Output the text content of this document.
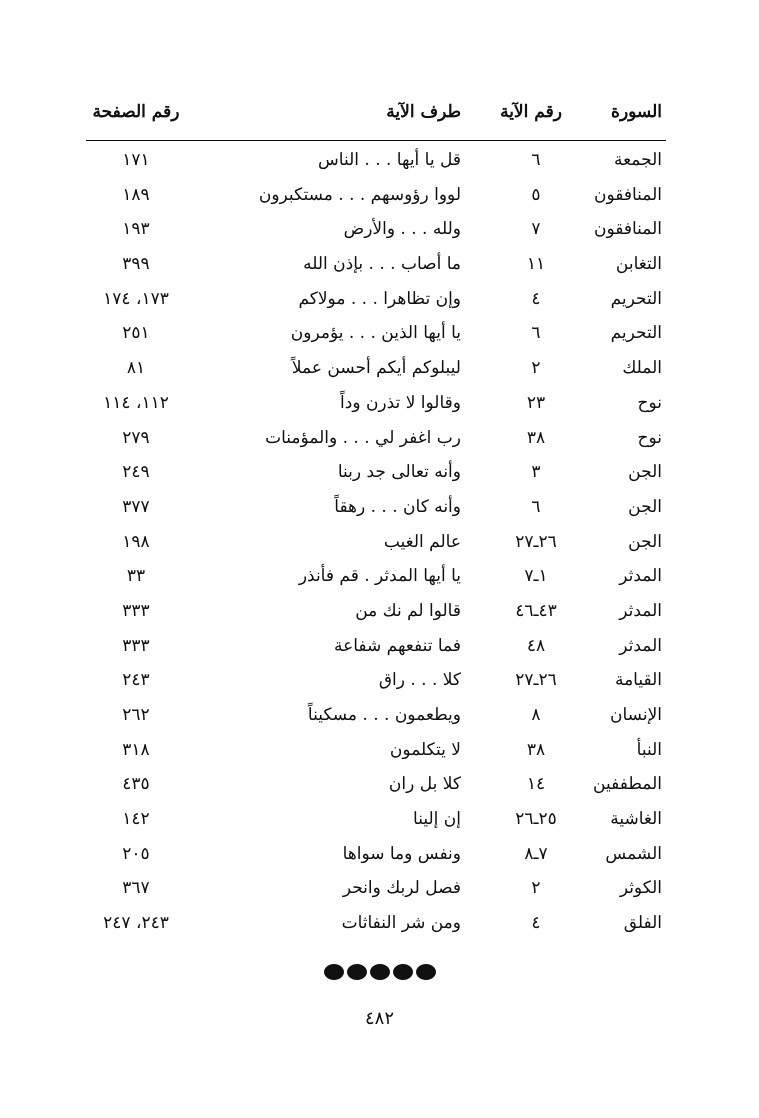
السورة
رقم الآية
طرف الآية
رقم الصفحة
الجمعة
٦
قل يا أيها . . . الناس
١٧١
المنافقون
٥
لووا رؤوسهم . . . مستكبرون
١٨٩
المنافقون
٧
ولله . . . والأرض
١٩٣
التغابن
١١
ما أصاب . . . بإذن الله
٣٩٩
التحريم
٤
وإن تظاهرا . . . مولاكم
١٧٣، ١٧٤
التحريم
٦
يا أيها الذين . . . يؤمرون
٢٥١
الملك
٢
ليبلوكم أيكم أحسن عملاً
٨١
نوح
٢٣
وقالوا لا تذرن وداً
١١٢، ١١٤
نوح
٣٨
رب اغفر لي . . . والمؤمنات
٢٧٩
الجن
٣
وأنه تعالى جد ربنا
٢٤٩
الجن
٦
وأنه كان . . . رهقاً
٣٧٧
الجن
٢٦ـ٢٧
عالم الغيب
١٩٨
المدثر
١ـ٧
يا أيها المدثر . قم فأنذر
٣٣
المدثر
٤٣ـ٤٦
قالوا لم نك من
٣٣٣
المدثر
٤٨
فما تنفعهم شفاعة
٣٣٣
القيامة
٢٦ـ٢٧
كلا . . . راق
٢٤٣
الإنسان
٨
ويطعمون . . . مسكيناً
٢٦٢
النبأ
٣٨
لا يتكلمون
٣١٨
المطففين
١٤
كلا بل ران
٤٣٥
الغاشية
٢٥ـ٢٦
إن إلينا
١٤٢
الشمس
٧ـ٨
ونفس وما سواها
٢٠٥
الكوثر
٢
فصل لربك وانحر
٣٦٧
الفلق
٤
ومن شر النفاثات
٢٤٣، ٢٤٧
٤٨٢
